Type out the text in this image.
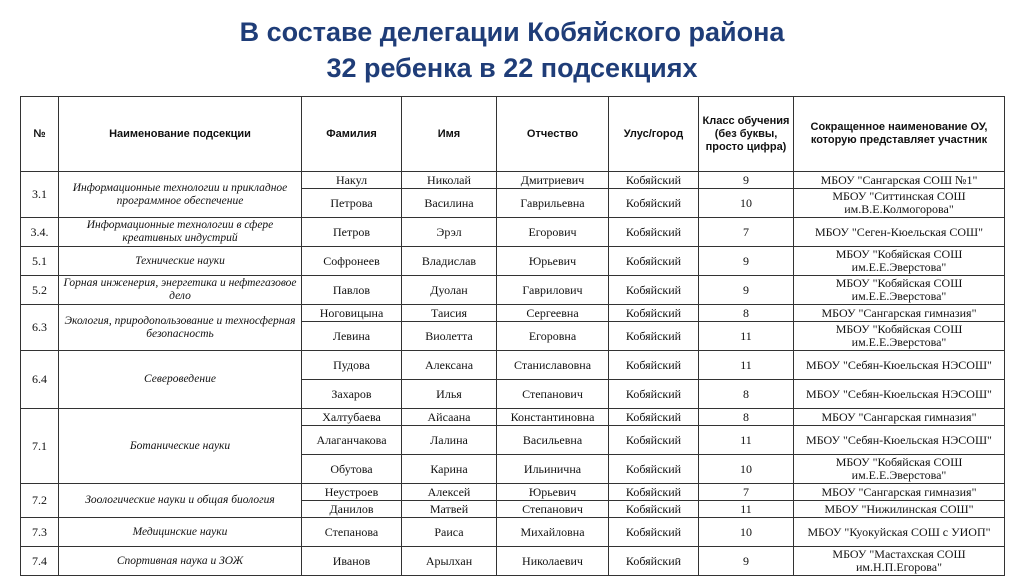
В составе делегации Кобяйского района
32 ребенка в 22 подсекциях
№	Наименование подсекции	Фамилия	Имя	Отчество	Улус/город	Класс обучения (без буквы, просто цифра)	Сокращенное наименование ОУ, которую представляет участник
3.1	Информационные технологии и прикладное программное обеспечение	Накул	Николай	Дмитриевич	Кобяйский	9	МБОУ "Сангарская СОШ №1"
		Петрова	Василина	Гаврильевна	Кобяйский	10	МБОУ "Ситтинская СОШ им.В.Е.Колмогорова"
3.4.	Информационные технологии в сфере креативных индустрий	Петров	Эрэл	Егорович	Кобяйский	7	МБОУ "Сеген-Кюельская СОШ"
5.1	Технические науки	Софронеев	Владислав	Юрьевич	Кобяйский	9	МБОУ "Кобяйская СОШ им.Е.Е.Эверстова"
5.2	Горная инженерия, энергетика и нефтегазовое дело	Павлов	Дуолан	Гаврилович	Кобяйский	9	МБОУ "Кобяйская СОШ им.Е.Е.Эверстова"
6.3	Экология, природопользование и техносферная безопасность	Ноговицына	Таисия	Сергеевна	Кобяйский	8	МБОУ "Сангарская гимназия"
		Левина	Виолетта	Егоровна	Кобяйский	11	МБОУ "Кобяйская СОШ им.Е.Е.Эверстова"
6.4	Североведение	Пудова	Алексана	Станиславовна	Кобяйский	11	МБОУ "Себян-Кюельская НЭСОШ"
		Захаров	Илья	Степанович	Кобяйский	8	МБОУ "Себян-Кюельская НЭСОШ"
7.1	Ботанические науки	Халтубаева	Айсаана	Константиновна	Кобяйский	8	МБОУ "Сангарская гимназия"
		Алаганчакова	Лалина	Васильевна	Кобяйский	11	МБОУ "Себян-Кюельская НЭСОШ"
		Обутова	Карина	Ильинична	Кобяйский	10	МБОУ "Кобяйская СОШ им.Е.Е.Эверстова"
7.2	Зоологические науки и общая биология	Неустроев	Алексей	Юрьевич	Кобяйский	7	МБОУ "Сангарская гимназия"
		Данилов	Матвей	Степанович	Кобяйский	11	МБОУ "Нижилинская СОШ"
7.3	Медицинские науки	Степанова	Раиса	Михайловна	Кобяйский	10	МБОУ "Куокуйская СОШ с УИОП"
7.4	Спортивная наука и ЗОЖ	Иванов	Арылхан	Николаевич	Кобяйскиӣ	9	МБОУ "Мастахская СОШ им.Н.П.Егорова"
